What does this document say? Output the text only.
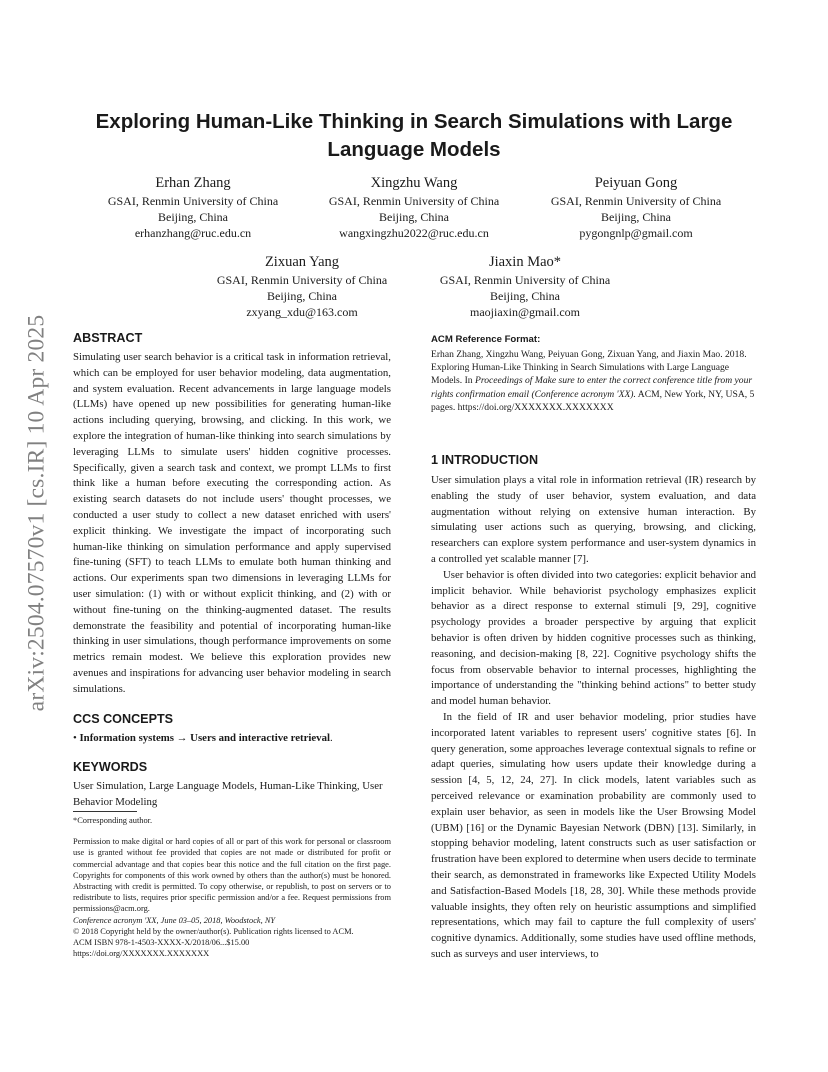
arXiv:2504.07570v1 [cs.IR] 10 Apr 2025
Exploring Human-Like Thinking in Search Simulations with Large Language Models
Erhan Zhang
GSAI, Renmin University of China
Beijing, China
erhanzhang@ruc.edu.cn
Xingzhu Wang
GSAI, Renmin University of China
Beijing, China
wangxingzhu2022@ruc.edu.cn
Peiyuan Gong
GSAI, Renmin University of China
Beijing, China
pygongnlp@gmail.com
Zixuan Yang
GSAI, Renmin University of China
Beijing, China
zxyang_xdu@163.com
Jiaxin Mao*
GSAI, Renmin University of China
Beijing, China
maojiaxin@gmail.com
ABSTRACT

Simulating user search behavior is a critical task in information retrieval, which can be employed for user behavior modeling, data augmentation, and system evaluation. Recent advancements in large language models (LLMs) have opened up new possibilities for generating human-like actions including querying, browsing, and clicking. In this work, we explore the integration of human-like thinking into search simulations by leveraging LLMs to simulate users' hidden cognitive processes. Specifically, given a search task and context, we prompt LLMs to first think like a human before executing the corresponding action. As existing search datasets do not include users' thought processes, we conducted a user study to collect a new dataset enriched with users' explicit thinking. We investigate the impact of incorporating such human-like thinking on simulation performance and apply supervised fine-tuning (SFT) to teach LLMs to emulate both human thinking and actions. Our experiments span two dimensions in leveraging LLMs for user simulation: (1) with or without explicit thinking, and (2) with or without fine-tuning on the thinking-augmented dataset. The results demonstrate the feasibility and potential of incorporating human-like thinking in user simulations, though performance improvements on some metrics remain modest. We believe this exploration provides new avenues and inspirations for advancing user behavior modeling in search simulations.

CCS CONCEPTS

• Information systems → Users and interactive retrieval.

KEYWORDS

User Simulation, Large Language Models, Human-Like Thinking, User Behavior Modeling

*Corresponding author.

Permission to make digital or hard copies of all or part of this work for personal or classroom use is granted without fee provided that copies are not made or distributed for profit or commercial advantage and that copies bear this notice and the full citation on the first page. Copyrights for components of this work owned by others than the author(s) must be honored. Abstracting with credit is permitted. To copy otherwise, or republish, to post on servers or to redistribute to lists, requires prior specific permission and/or a fee. Request permissions from permissions@acm.org.

Conference acronym 'XX, June 03–05, 2018, Woodstock, NY

© 2018 Copyright held by the owner/author(s). Publication rights licensed to ACM.

ACM ISBN 978-1-4503-XXXX-X/2018/06...$15.00

https://doi.org/XXXXXXX.XXXXXXX

ACM Reference Format:

Erhan Zhang, Xingzhu Wang, Peiyuan Gong, Zixuan Yang, and Jiaxin Mao. 2018. Exploring Human-Like Thinking in Search Simulations with Large Language Models. In Proceedings of Make sure to enter the correct conference title from your rights confirmation email (Conference acronym 'XX). ACM, New York, NY, USA, 5 pages. https://doi.org/XXXXXXX.XXXXXXX

1 INTRODUCTION

User simulation plays a vital role in information retrieval (IR) research by enabling the study of user behavior, system evaluation, and data augmentation without relying on extensive human interaction. By simulating user actions such as querying, browsing, and clicking, researchers can explore system performance and user-system dynamics in a controlled yet scalable manner [7].

User behavior is often divided into two categories: explicit behavior and implicit behavior. While behaviorist psychology emphasizes explicit behavior as a direct response to external stimuli [9, 29], cognitive psychology provides a broader perspective by arguing that explicit behavior is often driven by hidden cognitive processes such as thinking, reasoning, and decision-making [8, 22]. Cognitive psychology shifts the focus from observable behavior to internal processes, highlighting the importance of understanding the "thinking behind actions" to better study and model human behavior.

In the field of IR and user behavior modeling, prior studies have incorporated latent variables to represent users' cognitive states [6]. In query generation, some approaches leverage contextual signals to refine or adapt queries, simulating how users update their knowledge during a session [4, 5, 12, 24, 27]. In click models, latent variables such as perceived relevance or examination probability are commonly used to explain user behavior, as seen in models like the User Browsing Model (UBM) [16] or the Dynamic Bayesian Network (DBN) [13]. Similarly, in stopping behavior modeling, latent constructs such as user satisfaction or frustration have been explored to determine when users decide to terminate their search, as demonstrated in frameworks like Expected Utility Models and Satisfaction-Based Models [18, 28, 30]. While these methods provide valuable insights, they often rely on heuristic assumptions and simplified representations, which may fail to capture the full complexity of users' cognitive dynamics. Additionally, some studies have used offline methods, such as surveys and user interviews, to
